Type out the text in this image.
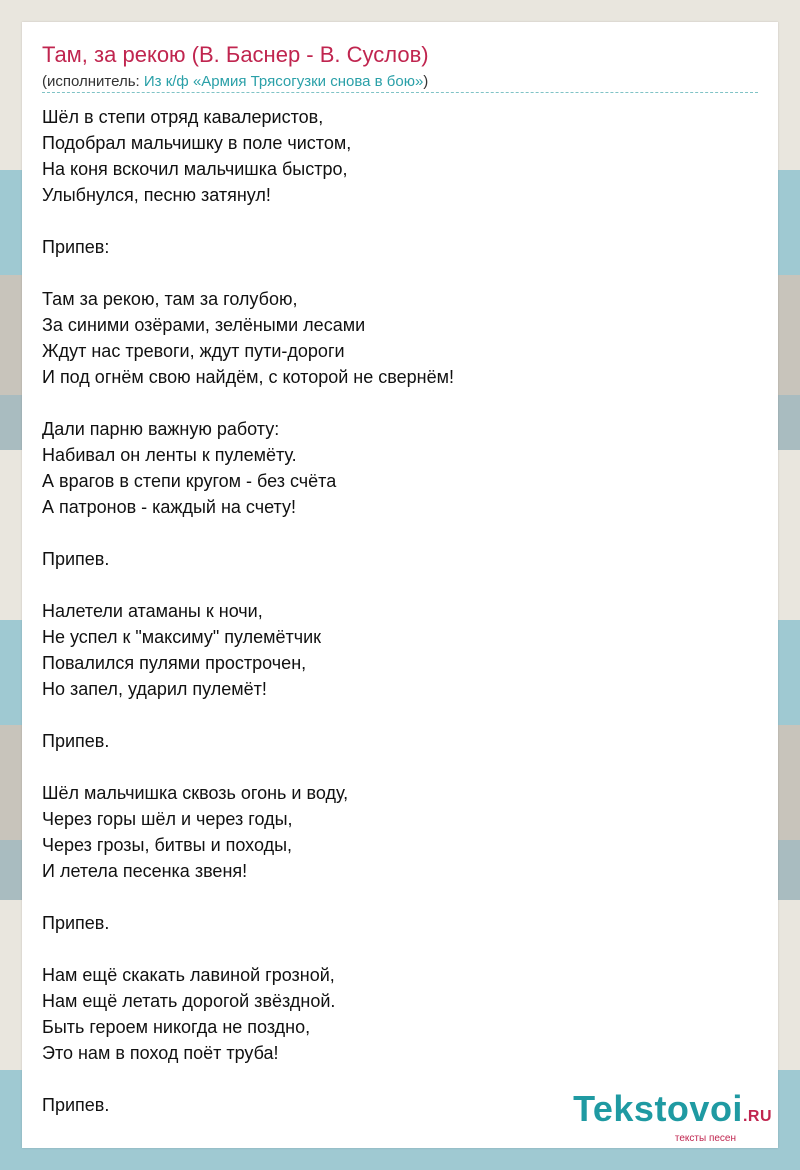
Там, за рекою (В. Баснер - В. Суслов)
(исполнитель: Из к/ф «Армия Трясогузки снова в бою»)
Шёл в степи отряд кавалеристов,
Подобрал мальчишку в поле чистом,
На коня вскочил мальчишка быстро,
Улыбнулся, песню затянул!
Припев:
Там за рекою, там за голубою,
За синими озёрами, зелёными лесами
Ждут нас тревоги, ждут пути-дороги
И под огнём свою найдём, с которой не свернём!
Дали парню важную работу:
Набивал он ленты к пулемёту.
А врагов в степи кругом - без счёта
А патронов - каждый на счету!
Припев.
Налетели атаманы к ночи,
Не успел к "максиму" пулемётчик
Повалился пулями прострочен,
Но запел, ударил пулемёт!
Припев.
Шёл мальчишка сквозь огонь и воду,
Через горы шёл и через годы,
Через грозы, битвы и походы,
И летела песенка звеня!
Припев.
Нам ещё скакать лавиной грозной,
Нам ещё летать дорогой звёздной.
Быть героем никогда не поздно,
Это нам в поход поёт труба!
Припев.	Tekstovoi.RU
тексты песен
